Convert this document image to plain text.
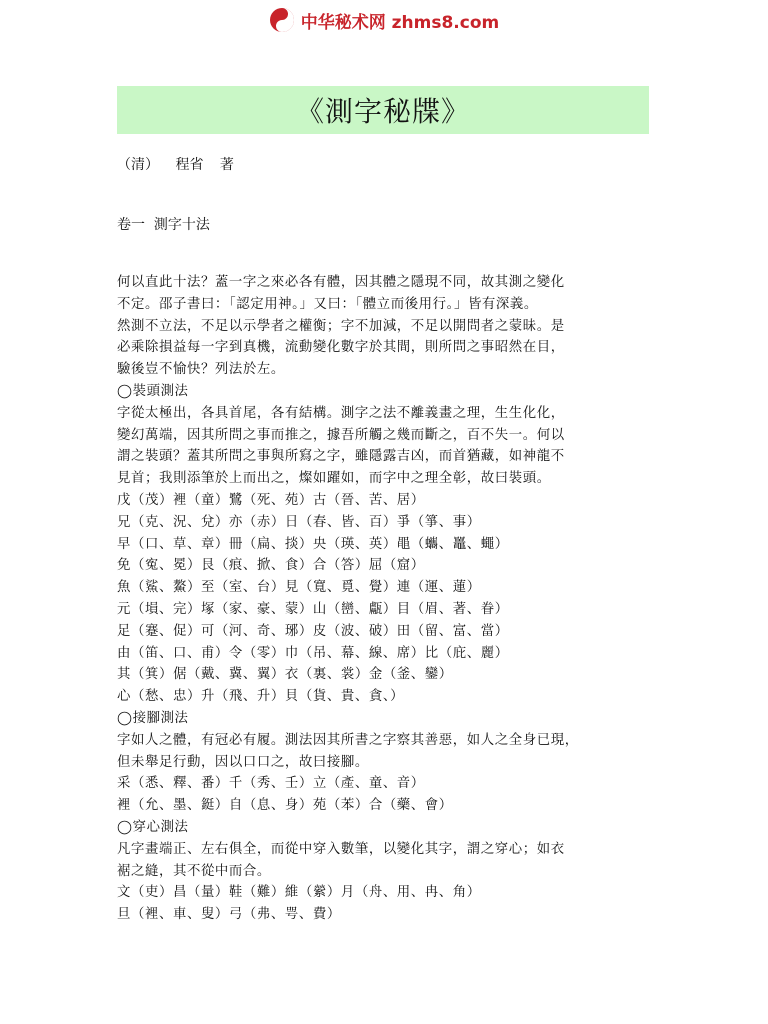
中华秘术网 zhms8.com
《測字秘牒》
（清） 程省 著
卷一  測字十法

何以直此十法？蓋一字之來必各有體，因其體之隱現不同，故其測之變化

不定。邵子書曰：「認定用神。」又曰：「體立而後用行。」皆有深義。

然測不立法，不足以示學者之權衡；字不加減，不足以開問者之蒙昧。是

必乘除損益每一字到真機，流動變化數字於其間，則所問之事昭然在目，

驗後豈不愉快？列法於左。

◯裝頭測法

字從太極出，各具首尾，各有結構。測字之法不離義畫之理，生生化化，

變幻萬端，因其所問之事而推之，據吾所觸之幾而斷之，百不失一。何以

謂之裝頭？蓋其所問之事與所寫之字，雖隱露吉凶，而首猶藏，如神龍不

見首；我則添筆於上而出之，燦如躍如，而字中之理全彰，故曰裝頭。

戊（茂）裡（童）鷺（死、苑）古（晉、苦、居）

兄（克、況、兌）亦（赤）日（春、皆、百）爭（箏、事）

早（口、草、章）冊（扁、掞）央（瑛、英）黽（蠵、鼉、蠅）

免（寃、冕）艮（痕、掀、食）合（答）屈（窟）

魚（鯊、鰲）至（室、台）見（寬、覓、覺）連（運、蓮）

元（塤、完）塚（家、豪、蒙）山（巒、甗）目（眉、著、眷）

足（蹇、促）可（河、奇、琊）皮（波、破）田（留、富、當）

由（笛、口、甫）令（零）巾（吊、幕、線、席）比（庇、麗）

其（箕）倨（戴、冀、翼）衣（裏、裳）金（釜、鑾）

心（愁、忠）升（飛、升）貝（貨、貴、貪、）

◯接腳測法

字如人之體，有冠必有履。測法因其所書之字察其善惡，如人之全身已現，

但未舉足行動，因以口口之，故曰接腳。

采（悉、釋、番）千（秀、壬）立（產、童、音）

裡（允、墨、鋌）自（息、身）苑（苯）合（藥、會）

◯穿心測法

凡字畫端正、左右俱全，而從中穿入數筆，以變化其字，謂之穿心；如衣

裾之縫，其不從中而合。

文（吏）昌（量）鞋（難）維（縈）月（舟、用、冉、角）

旦（裡、車、叟）弓（弗、咢、費）
